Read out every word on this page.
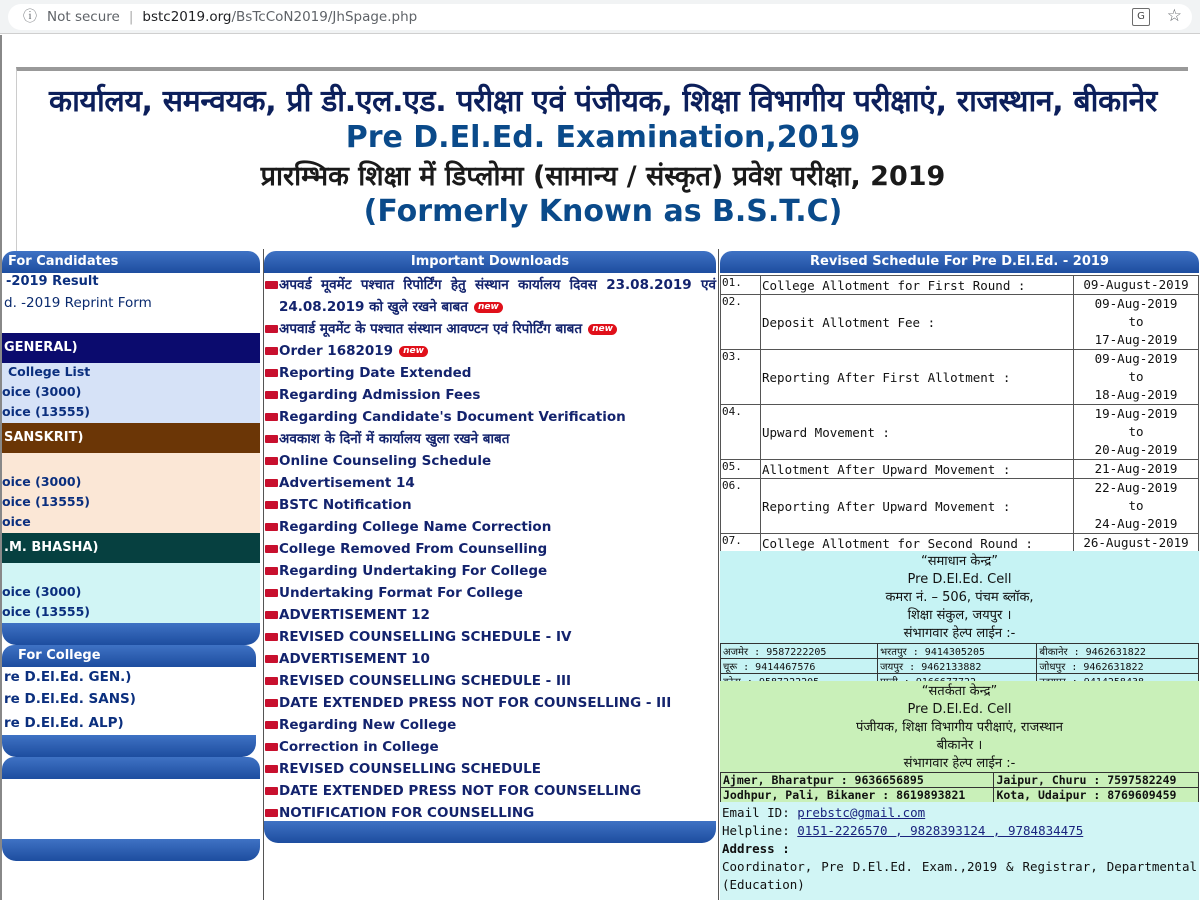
ⓘ Not secure | bstc2019.org /BsTcCoN2019/JhSpage.php	G	☆
कार्यालय, समन्वयक, प्री डी.एल.एड. परीक्षा एवं पंजीयक, शिक्षा विभागीय परीक्षाएं, राजस्थान, बीकानेर
Pre D.El.Ed. Examination,2019
प्रारम्भिक शिक्षा में डिप्लोमा (सामान्य / संस्कृत) प्रवेश परीक्षा, 2019
(Formerly Known as B.S.T.C)
For Candidates
-2019 Result
d. -2019 Reprint Form
GENERAL)
College List
oice (3000)
oice (13555)
SANSKRIT)
oice (3000)
oice (13555)
oice
.M. BHASHA)
oice (3000)
oice (13555)
For College
re D.El.Ed. GEN.)
re D.El.Ed. SANS)
re D.El.Ed. ALP)
Important Downloads
अपवर्ड मूवमेंट पश्चात रिपोर्टिंग हेतु संस्थान कार्यालय दिवस 23.08.2019 एवं 24.08.2019 को खुले रखने बाबत new
अपवार्ड मूवमेंट के पश्चात संस्थान आवण्टन एवं रिपोर्टिंग बाबत new
Order 1682019 new
Reporting Date Extended
Regarding Admission Fees
Regarding Candidate's Document Verification
अवकाश के दिनों में कार्यालय खुला रखने बाबत
Online Counseling Schedule
Advertisement 14
BSTC Notification
Regarding College Name Correction
College Removed From Counselling
Regarding Undertaking For College
Undertaking Format For College
ADVERTISEMENT 12
REVISED COUNSELLING SCHEDULE - IV
ADVERTISEMENT 10
REVISED COUNSELLING SCHEDULE - III
DATE EXTENDED PRESS NOT FOR COUNSELLING - III
Regarding New College
Correction in College
REVISED COUNSELLING SCHEDULE
DATE EXTENDED PRESS NOT FOR COUNSELLING
NOTIFICATION FOR COUNSELLING
Revised Schedule For Pre D.El.Ed. - 2019
01.	College Allotment for First Round :	09-August-2019

02.	Deposit Allotment Fee :	09-Aug-2019
to
17-Aug-2019

03.	Reporting After First Allotment :	09-Aug-2019
to
18-Aug-2019

04.	Upward Movement :	19-Aug-2019
to
20-Aug-2019

05.	Allotment After Upward Movement :	21-Aug-2019

06.	Reporting After Upward Movement :	22-Aug-2019
to
24-Aug-2019

07.	College Allotment for Second Round :	26-August-2019
“समाधान केन्द्र”
Pre D.El.Ed. Cell
कमरा नं. – 506, पंचम ब्लॉक,
शिक्षा संकुल, जयपुर ।
संभागवार हेल्प लाईन :-
अजमेर : 9587222205	भरतपुर : 9414305205	बीकानेर : 9462631822
चूरू : 9414467576	जयपुर : 9462133882	जोधपुर : 9462631822

“सतर्कता केन्द्र”
Pre D.El.Ed. Cell
पंजीयक, शिक्षा विभागीय परीक्षाएं, राजस्थान
बीकानेर ।
संभागवार हेल्प लाईन :-
Ajmer, Bharatpur : 9636656895	Jaipur, Churu : 7597582249
Jodhpur, Pali, Bikaner : 8619893821	Kota, Udaipur : 8769609459
Email ID: prebstc@gmail.com
Helpline: 0151-2226570 , 9828393124 , 9784834475
Address :
Coordinator, Pre D.El.Ed. Exam.,2019 & Registrar, Departmental (Education)
